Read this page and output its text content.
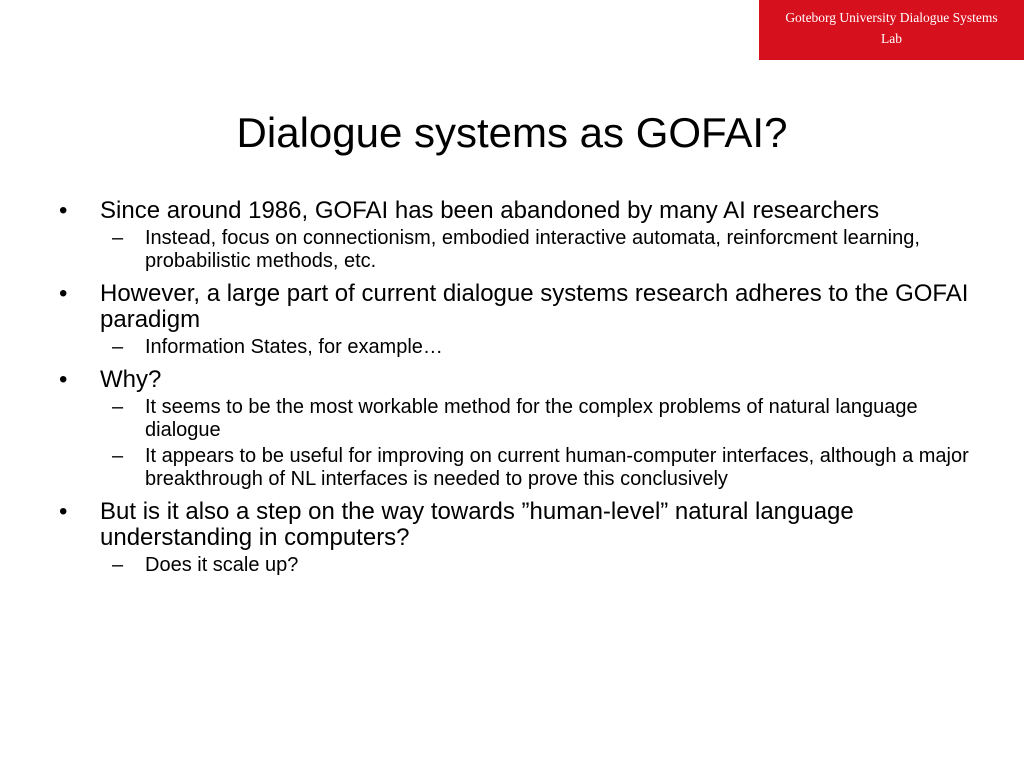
Goteborg University Dialogue Systems
Lab
Dialogue systems as GOFAI?
• Since around 1986, GOFAI has been abandoned by many AI researchers
– Instead, focus on connectionism, embodied interactive automata, reinforcment learning, probabilistic methods, etc.
• However, a large part of current dialogue systems research adheres to the GOFAI paradigm
– Information States, for example…
• Why?
– It seems to be the most workable method for the complex problems of natural language dialogue
– It appears to be useful for improving on current human-computer interfaces, although a major breakthrough of NL interfaces is needed to prove this conclusively
• But is it also a step on the way towards ”human-level” natural language understanding in computers?
– Does it scale up?
